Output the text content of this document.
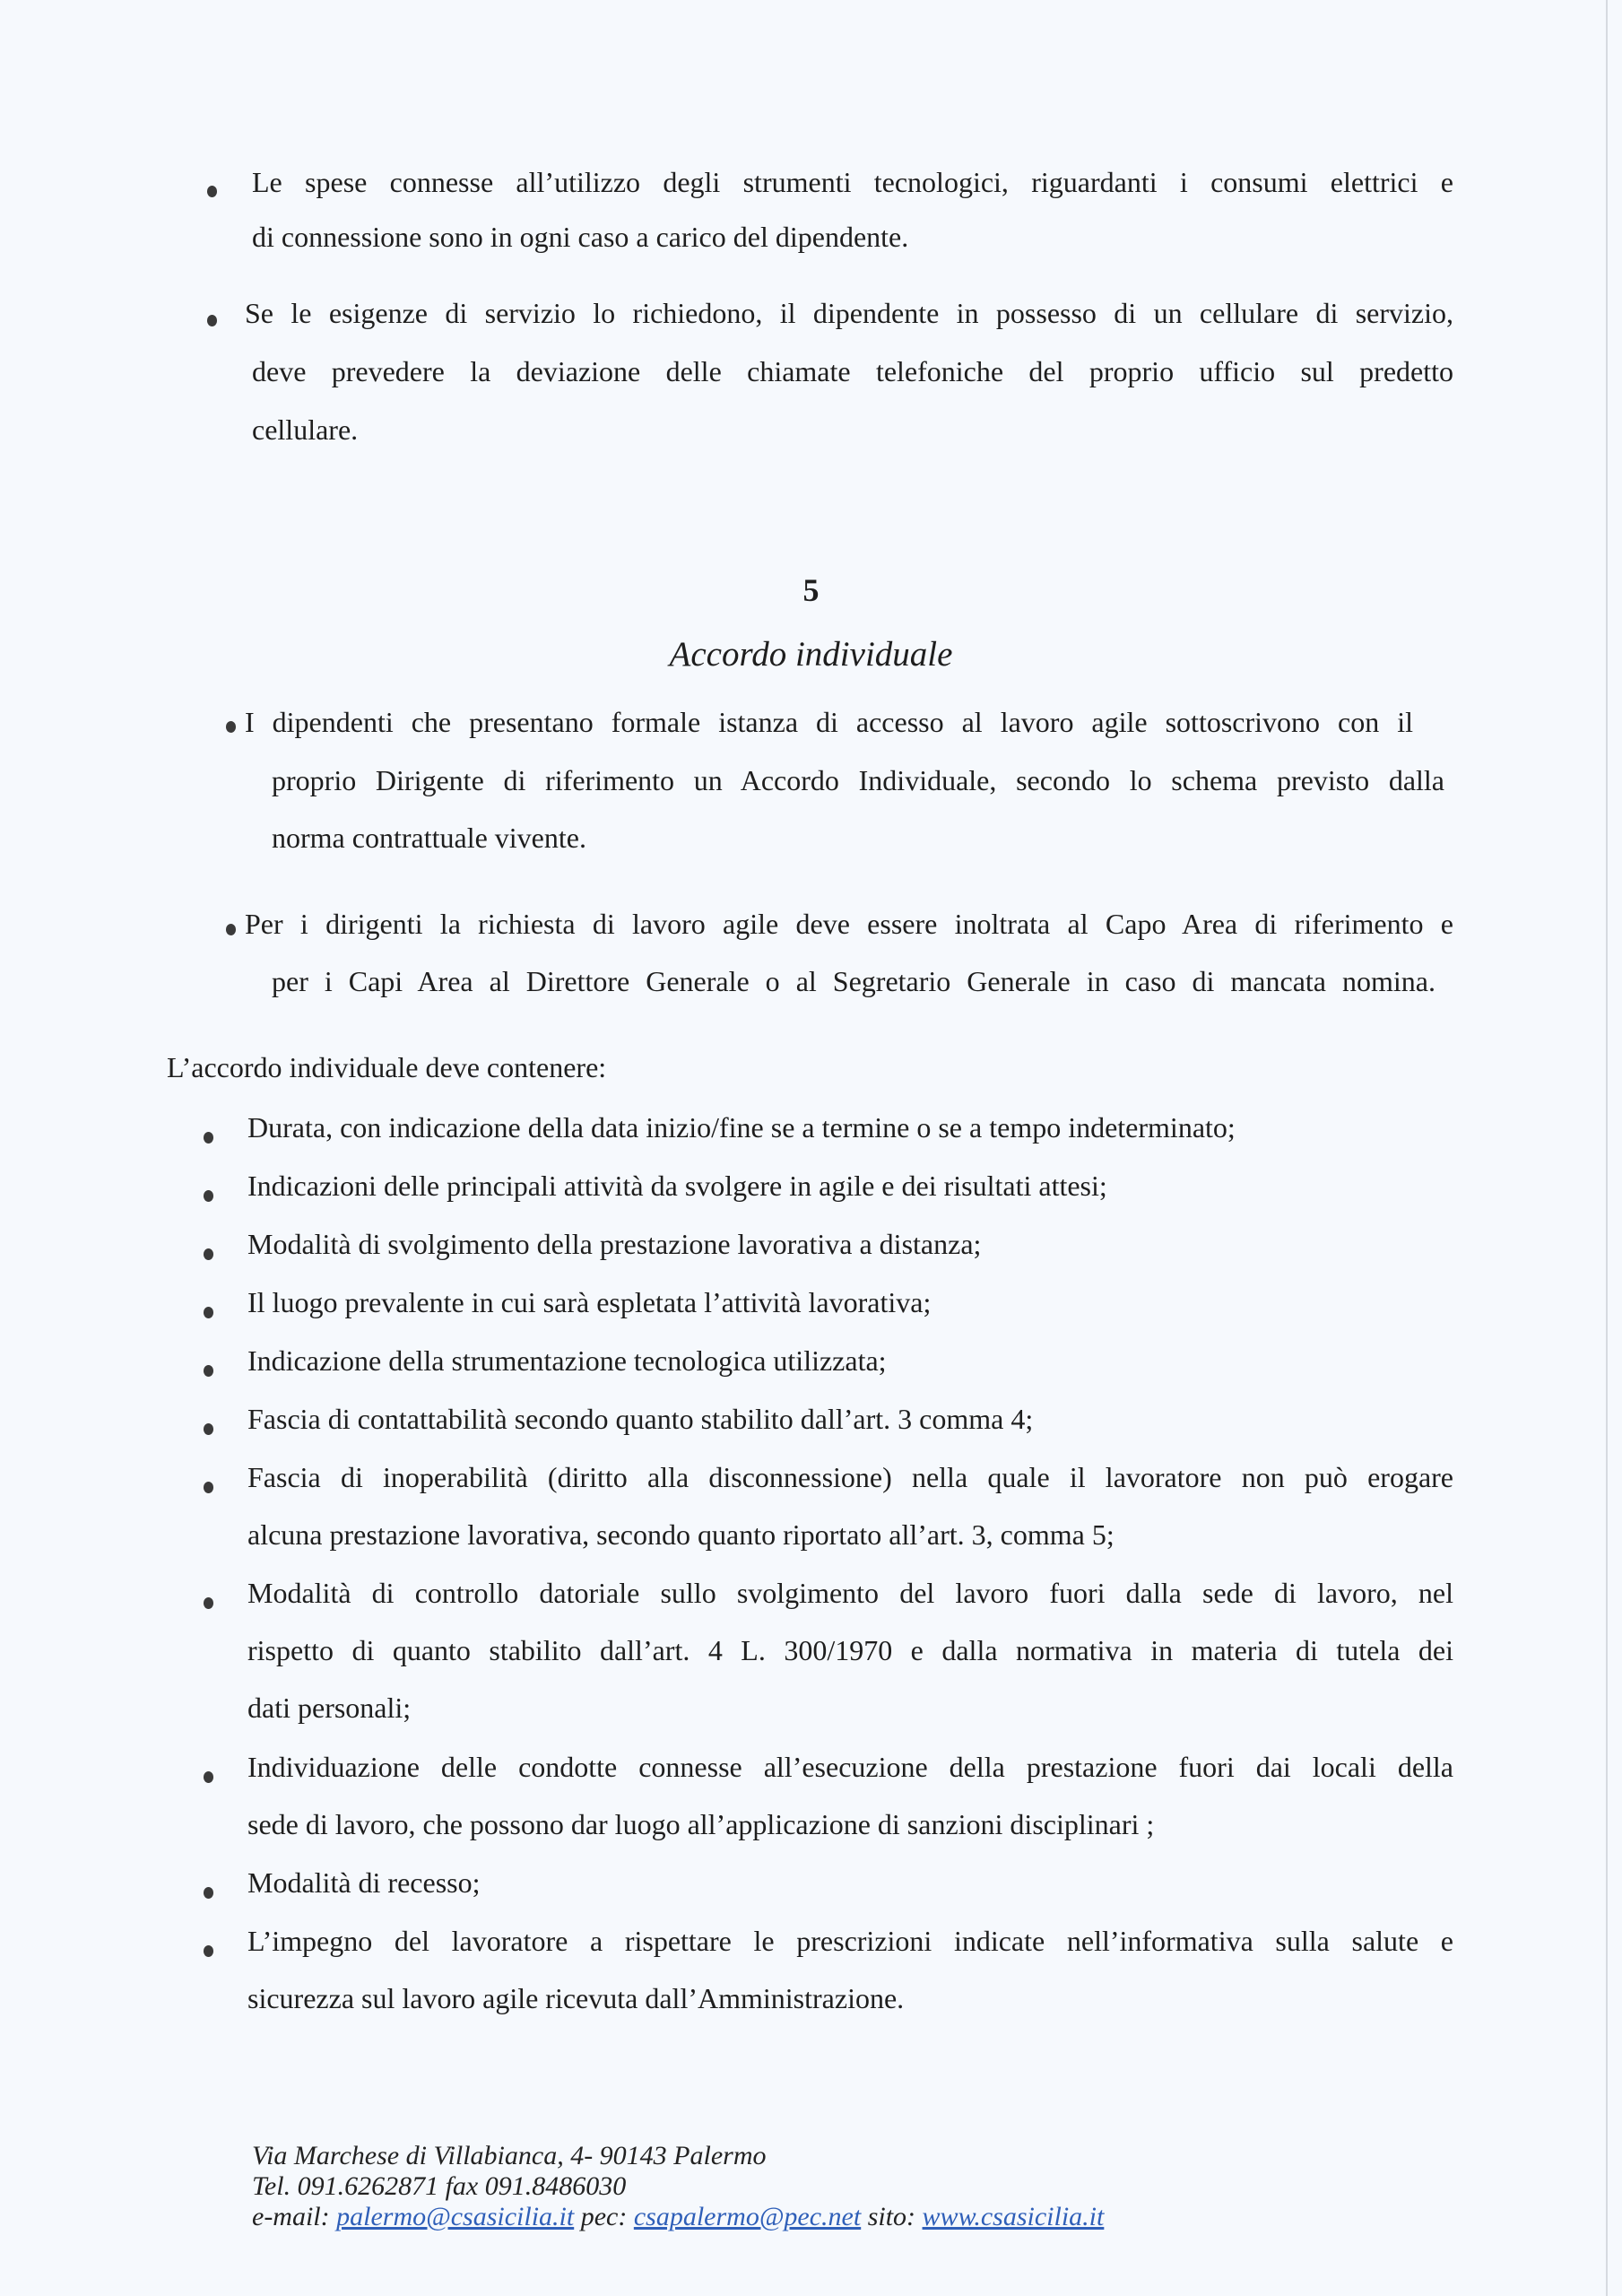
Le spese connesse all’utilizzo degli strumenti tecnologici, riguardanti i consumi elettrici e
di connessione sono in ogni caso a carico del dipendente.
Se le esigenze di servizio lo richiedono, il dipendente in possesso di un cellulare di servizio,
deve prevedere la deviazione delle chiamate telefoniche del proprio ufficio sul predetto
cellulare.
5
Accordo individuale
I dipendenti che presentano formale istanza di accesso al lavoro agile sottoscrivono con il
proprio Dirigente di riferimento un Accordo Individuale, secondo lo schema previsto dalla
norma contrattuale vivente.
Per i dirigenti la richiesta di lavoro agile deve essere inoltrata al Capo Area di riferimento e
per i Capi Area al Direttore Generale o al Segretario Generale in caso di mancata nomina.
L’accordo individuale deve contenere:
Durata, con indicazione della data inizio/fine se a termine o se a tempo indeterminato;
Indicazioni delle principali attività da svolgere in agile e dei risultati attesi;
Modalità di svolgimento della prestazione lavorativa a distanza;
Il luogo prevalente in cui sarà espletata l’attività lavorativa;
Indicazione della strumentazione tecnologica utilizzata;
Fascia di contattabilità secondo quanto stabilito dall’art. 3 comma 4;
Fascia di inoperabilità (diritto alla disconnessione) nella quale il lavoratore non può erogare
alcuna prestazione lavorativa, secondo quanto riportato all’art. 3, comma 5;
Modalità di controllo datoriale sullo svolgimento del lavoro fuori dalla sede di lavoro, nel
rispetto di quanto stabilito dall’art. 4 L. 300/1970 e dalla normativa in materia di tutela dei
dati personali;
Individuazione delle condotte connesse all’esecuzione della prestazione fuori dai locali della
sede di lavoro, che possono dar luogo all’applicazione di sanzioni disciplinari ;
Modalità di recesso;
L’impegno del lavoratore a rispettare le prescrizioni indicate nell’informativa sulla salute e
sicurezza sul lavoro agile ricevuta dall’Amministrazione.
Via Marchese di Villabianca, 4- 90143 Palermo
Tel. 091.6262871 fax 091.8486030
e-mail: palermo@csasicilia.it pec: csapalermo@pec.net sito: www.csasicilia.it
